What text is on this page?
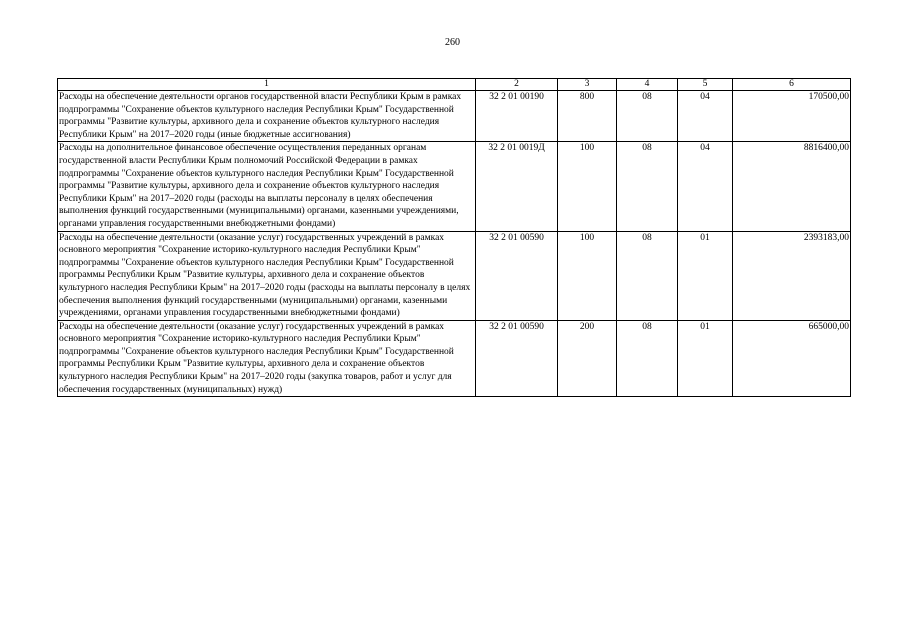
260
1	2	3	4	5	6
Расходы на обеспечение деятельности органов государственной власти Республики Крым в рамках подпрограммы "Сохранение объектов культурного наследия Республики Крым" Государственной программы "Развитие культуры, архивного дела и сохранение объектов культурного наследия Республики Крым" на 2017–2020 годы (иные бюджетные ассигнования)	32 2 01 00190	800	08	04	170500,00
Расходы на дополнительное финансовое обеспечение осуществления переданных органам государственной власти Республики Крым полномочий Российской Федерации в рамках подпрограммы "Сохранение объектов культурного наследия Республики Крым" Государственной программы "Развитие культуры, архивного дела и сохранение объектов культурного наследия Республики Крым" на 2017–2020 годы (расходы на выплаты персоналу в целях обеспечения выполнения функций государственными (муниципальными) органами, казенными учреждениями, органами управления государственными внебюджетными фондами)	32 2 01 0019Д	100	08	04	8816400,00
Расходы на обеспечение деятельности (оказание услуг) государственных учреждений в рамках основного мероприятия "Сохранение историко-культурного наследия Республики Крым" подпрограммы "Сохранение объектов культурного наследия Республики Крым" Государственной программы Республики Крым "Развитие культуры, архивного дела и сохранение объектов культурного наследия Республики Крым" на 2017–2020 годы (расходы на выплаты персоналу в целях обеспечения выполнения функций государственными (муниципальными) органами, казенными учреждениями, органами управления государственными внебюджетными фондами)	32 2 01 00590	100	08	01	2393183,00
Расходы на обеспечение деятельности (оказание услуг) государственных учреждений в рамках основного мероприятия "Сохранение историко-культурного наследия Республики Крым" подпрограммы "Сохранение объектов культурного наследия Республики Крым" Государственной программы Республики Крым "Развитие культуры, архивного дела и сохранение объектов культурного наследия Республики Крым" на 2017–2020 годы (закупка товаров, работ и услуг для обеспечения государственных (муниципальных) нужд)	32 2 01 00590	200	08	01	665000,00
